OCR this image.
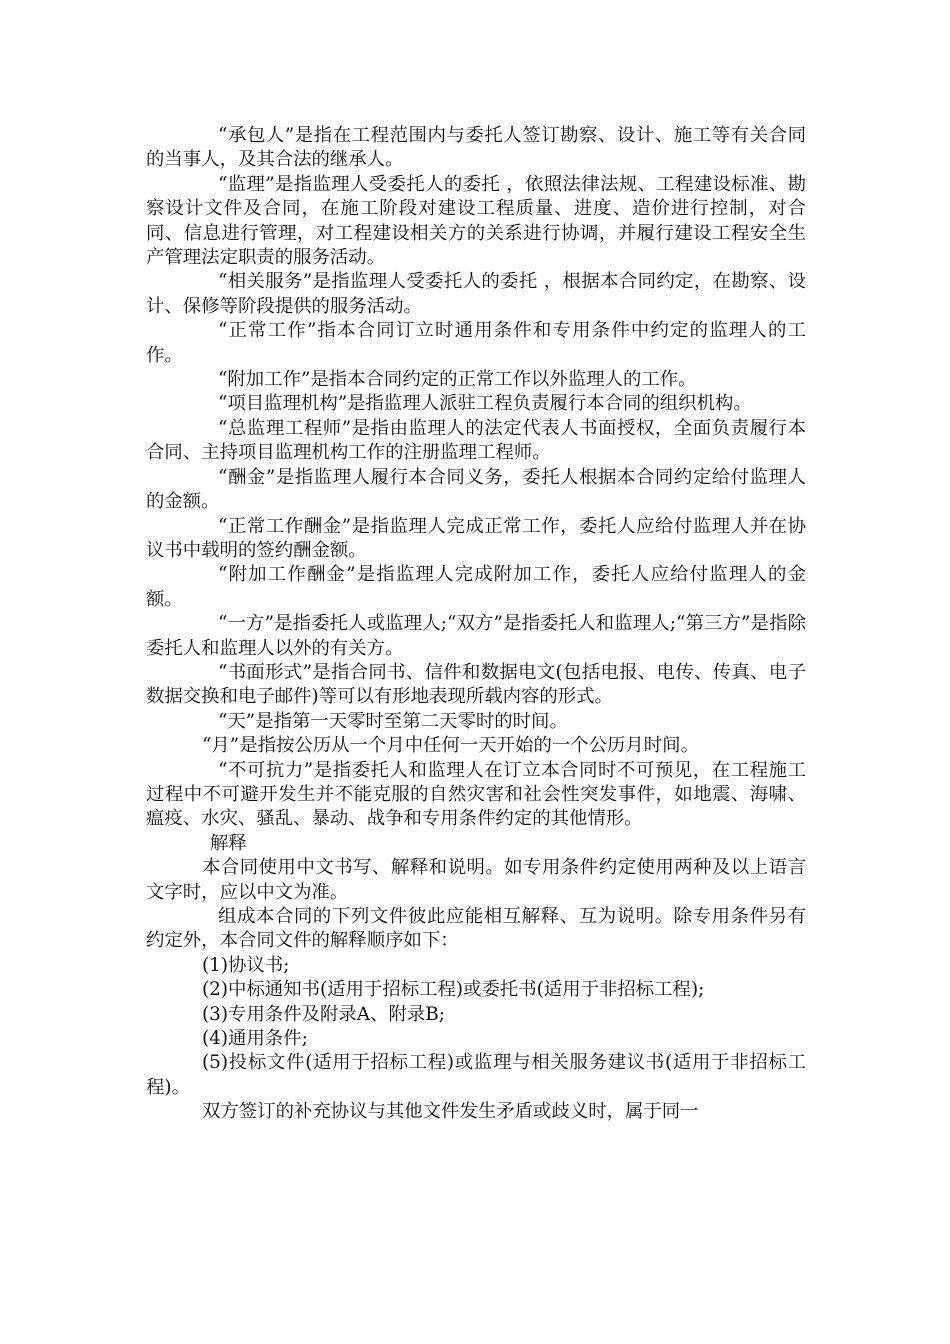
“承包人”是指在工程范围内与委托人签订勘察、设计、施工等有关合同的当事人，及其合法的继承人。

“监理”是指监理人受委托人的委托 ，依照法律法规、工程建设标准、勘察设计文件及合同，在施工阶段对建设工程质量、进度、造价进行控制，对合同、信息进行管理，对工程建设相关方的关系进行协调，并履行建设工程安全生产管理法定职责的服务活动。

“相关服务”是指监理人受委托人的委托 ，根据本合同约定，在勘察、设计、保修等阶段提供的服务活动。

“正常工作”指本合同订立时通用条件和专用条件中约定的监理人的工作。

“附加工作”是指本合同约定的正常工作以外监理人的工作。

“项目监理机构”是指监理人派驻工程负责履行本合同的组织机构。

“总监理工程师”是指由监理人的法定代表人书面授权，全面负责履行本合同、主持项目监理机构工作的注册监理工程师。

“酬金”是指监理人履行本合同义务，委托人根据本合同约定给付监理人的金额。

“正常工作酬金”是指监理人完成正常工作，委托人应给付监理人并在协议书中载明的签约酬金额。

“附加工作酬金”是指监理人完成附加工作，委托人应给付监理人的金额。

“一方”是指委托人或监理人;“双方”是指委托人和监理人;“第三方”是指除委托人和监理人以外的有关方。

“书面形式”是指合同书、信件和数据电文(包括电报、电传、传真、电子数据交换和电子邮件)等可以有形地表现所载内容的形式。

“天”是指第一天零时至第二天零时的时间。

“月”是指按公历从一个月中任何一天开始的一个公历月时间。

“不可抗力”是指委托人和监理人在订立本合同时不可预见，在工程施工过程中不可避开发生并不能克服的自然灾害和社会性突发事件，如地震、海啸、瘟疫、水灾、骚乱、暴动、战争和专用条件约定的其他情形。

解释

本合同使用中文书写、解释和说明。如专用条件约定使用两种及以上语言文字时，应以中文为准。

组成本合同的下列文件彼此应能相互解释、互为说明。除专用条件另有约定外，本合同文件的解释顺序如下：

(1)协议书;

(2)中标通知书(适用于招标工程)或委托书(适用于非招标工程);

(3)专用条件及附录A、附录B;

(4)通用条件;

(5)投标文件(适用于招标工程)或监理与相关服务建议书(适用于非招标工程)。

双方签订的补充协议与其他文件发生矛盾或歧义时，属于同一
